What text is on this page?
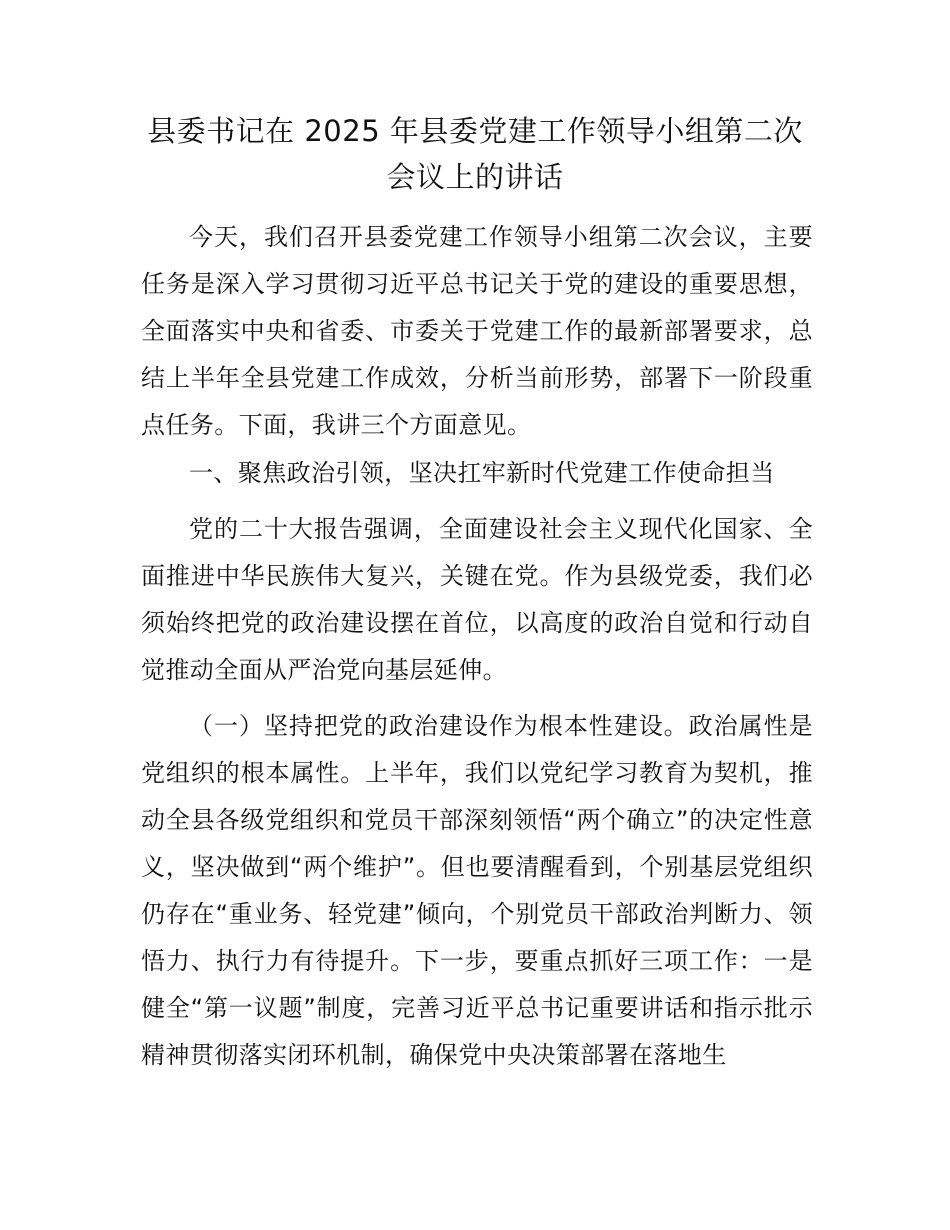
县委书记在 2025 年县委党建工作领导小组第二次会议上的讲话

今天，我们召开县委党建工作领导小组第二次会议，主要任务是深入学习贯彻习近平总书记关于党的建设的重要思想，全面落实中央和省委、市委关于党建工作的最新部署要求，总结上半年全县党建工作成效，分析当前形势，部署下一阶段重点任务。下面，我讲三个方面意见。

一、聚焦政治引领，坚决扛牢新时代党建工作使命担当

党的二十大报告强调，全面建设社会主义现代化国家、全面推进中华民族伟大复兴，关键在党。作为县级党委，我们必须始终把党的政治建设摆在首位，以高度的政治自觉和行动自觉推动全面从严治党向基层延伸。

（一）坚持把党的政治建设作为根本性建设。政治属性是党组织的根本属性。上半年，我们以党纪学习教育为契机，推动全县各级党组织和党员干部深刻领悟“两个确立”的决定性意义，坚决做到“两个维护”。但也要清醒看到，个别基层党组织仍存在“重业务、轻党建”倾向，个别党员干部政治判断力、领悟力、执行力有待提升。下一步，要重点抓好三项工作：一是健全“第一议题”制度，完善习近平总书记重要讲话和指示批示精神贯彻落实闭环机制，确保党中央决策部署在落地生
